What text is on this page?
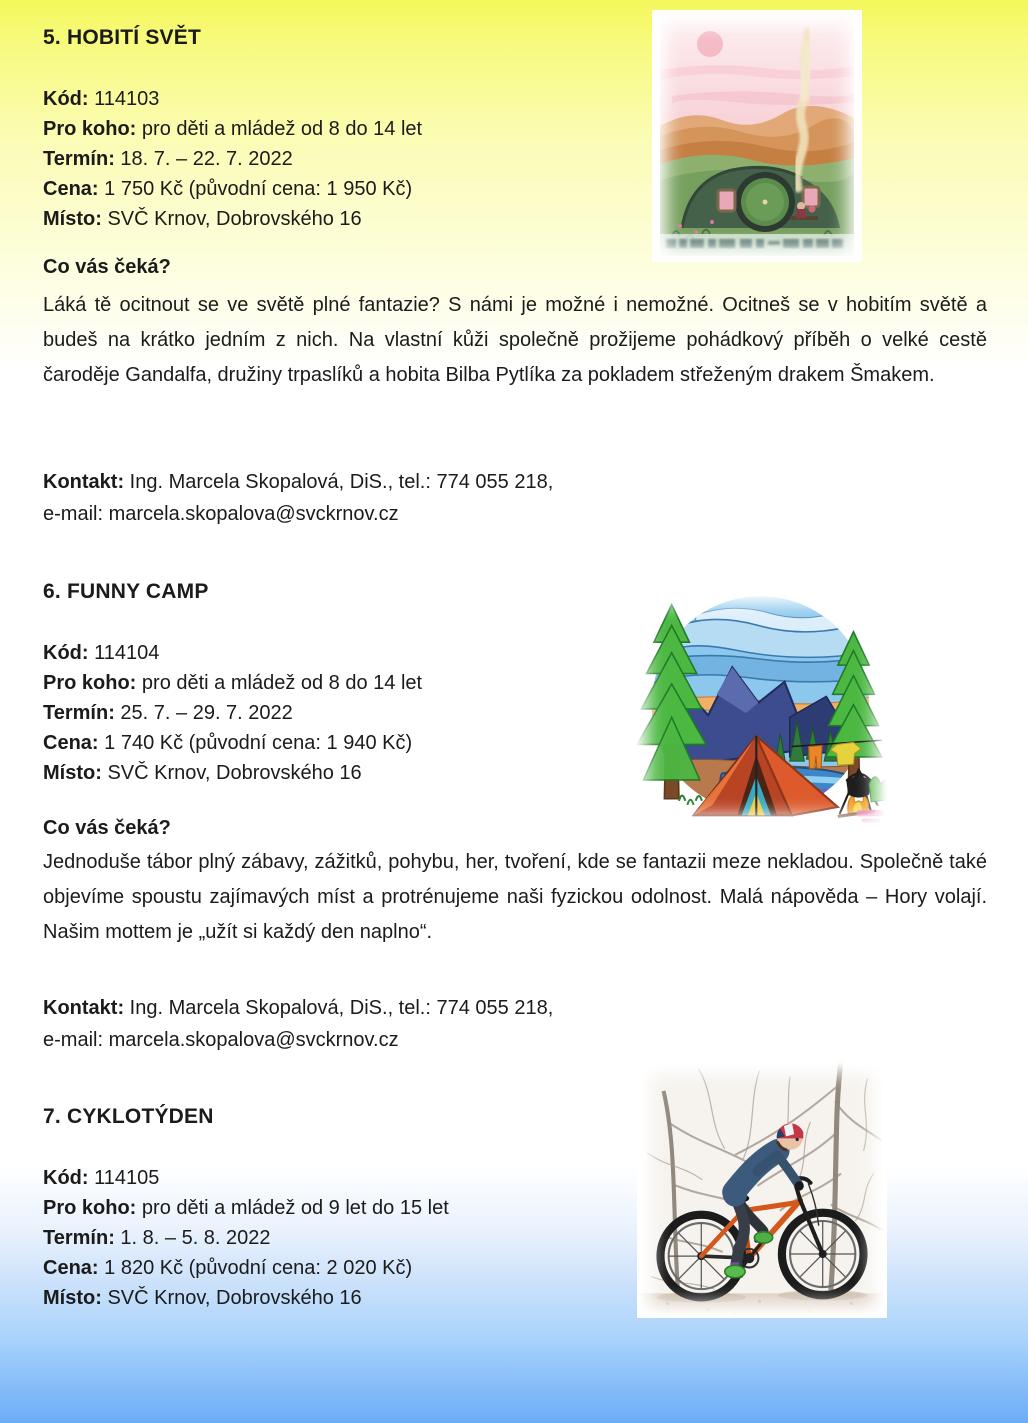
5. HOBITÍ SVĚT
Kód: 114103
Pro koho: pro děti a mládež od 8 do 14 let
Termín: 18. 7. – 22. 7. 2022
Cena: 1 750 Kč (původní cena: 1 950 Kč)
Místo: SVČ Krnov, Dobrovského 16
Co vás čeká?
Láká tě ocitnout se ve světě plné fantazie? S námi je možné i nemožné. Ocitneš se v hobitím světě a budeš na krátko jedním z nich. Na vlastní kůži společně prožijeme pohádkový příběh o velké cestě čaroděje Gandalfa, družiny trpaslíků a hobita Bilba Pytlíka za pokladem střeženým drakem Šmakem.
Kontakt: Ing. Marcela Skopalová, DiS., tel.: 774 055 218,
e-mail: marcela.skopalova@svckrnov.cz
6. FUNNY CAMP
Kód: 114104
Pro koho: pro děti a mládež od 8 do 14 let
Termín: 25. 7. – 29. 7. 2022
Cena: 1 740 Kč (původní cena: 1 940 Kč)
Místo: SVČ Krnov, Dobrovského 16
Co vás čeká?
Jednoduše tábor plný zábavy, zážitků, pohybu, her, tvoření, kde se fantazii meze nekladou. Společně také objevíme spoustu zajímavých míst a protrénujeme naši fyzickou odolnost. Malá nápověda – Hory volají. Našim mottem je „užít si každý den naplno“.
Kontakt: Ing. Marcela Skopalová, DiS., tel.: 774 055 218,
e-mail: marcela.skopalova@svckrnov.cz
7. CYKLOTÝDEN
Kód: 114105
Pro koho: pro děti a mládež od 9 let do 15 let
Termín: 1. 8. – 5. 8. 2022
Cena: 1 820 Kč (původní cena: 2 020 Kč)
Místo: SVČ Krnov, Dobrovského 16
